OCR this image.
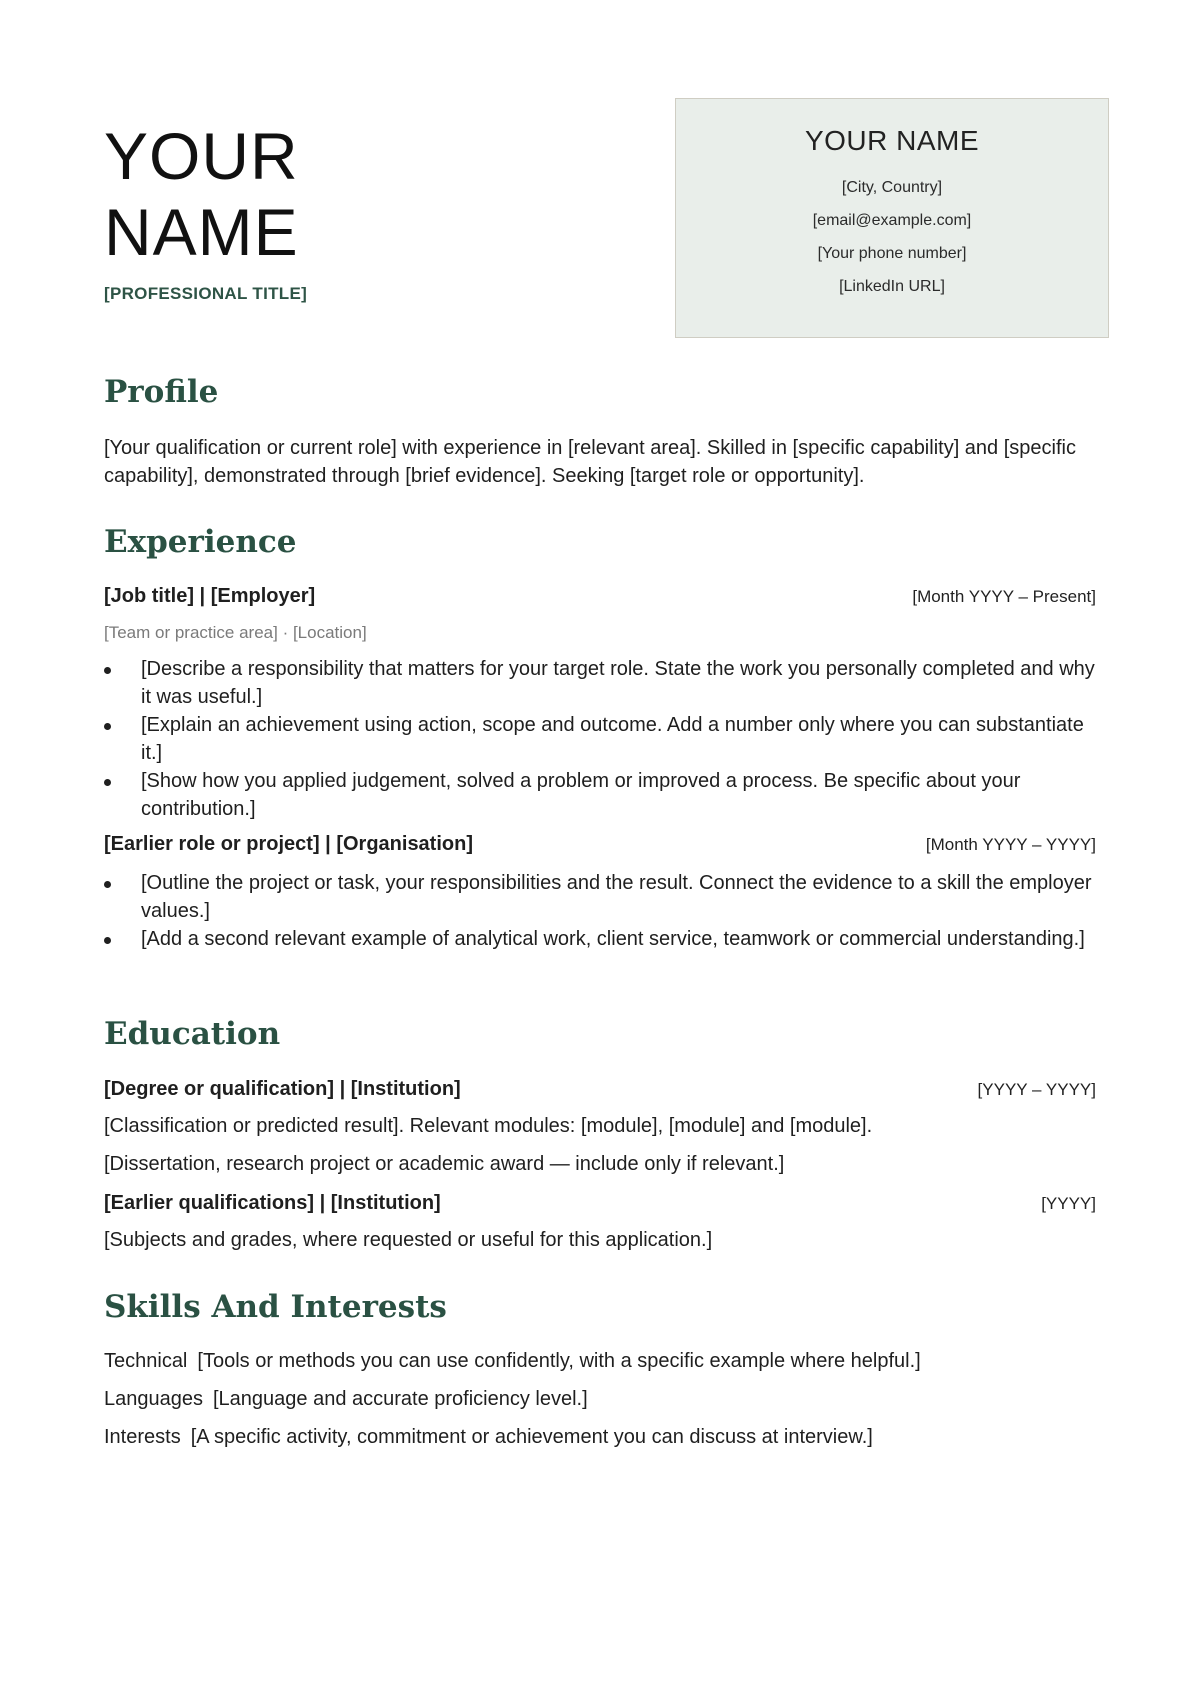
YOUR
NAME
[PROFESSIONAL TITLE]
YOUR NAME
[City, Country]
[email@example.com]
[Your phone number]
[LinkedIn URL]
Profile
[Your qualification or current role] with experience in [relevant area]. Skilled in [specific capability] and [specific capability], demonstrated through [brief evidence]. Seeking [target role or opportunity].
Experience
[Job title] | [Employer]	[Month YYYY – Present]
[Team or practice area] · [Location]
[Describe a responsibility that matters for your target role. State the work you personally completed and why it was useful.]
[Explain an achievement using action, scope and outcome. Add a number only where you can substantiate it.]
[Show how you applied judgement, solved a problem or improved a process. Be specific about your contribution.]
[Earlier role or project] | [Organisation]	[Month YYYY – YYYY]
[Outline the project or task, your responsibilities and the result. Connect the evidence to a skill the employer values.]
[Add a second relevant example of analytical work, client service, teamwork or commercial understanding.]
Education
[Degree or qualification] | [Institution]	[YYYY – YYYY]
[Classification or predicted result]. Relevant modules: [module], [module] and [module].
[Dissertation, research project or academic award — include only if relevant.]
[Earlier qualifications] | [Institution]	[YYYY]
[Subjects and grades, where requested or useful for this application.]
Skills And Interests
Technical [Tools or methods you can use confidently, with a specific example where helpful.]
Languages [Language and accurate proficiency level.]
Interests [A specific activity, commitment or achievement you can discuss at interview.]
